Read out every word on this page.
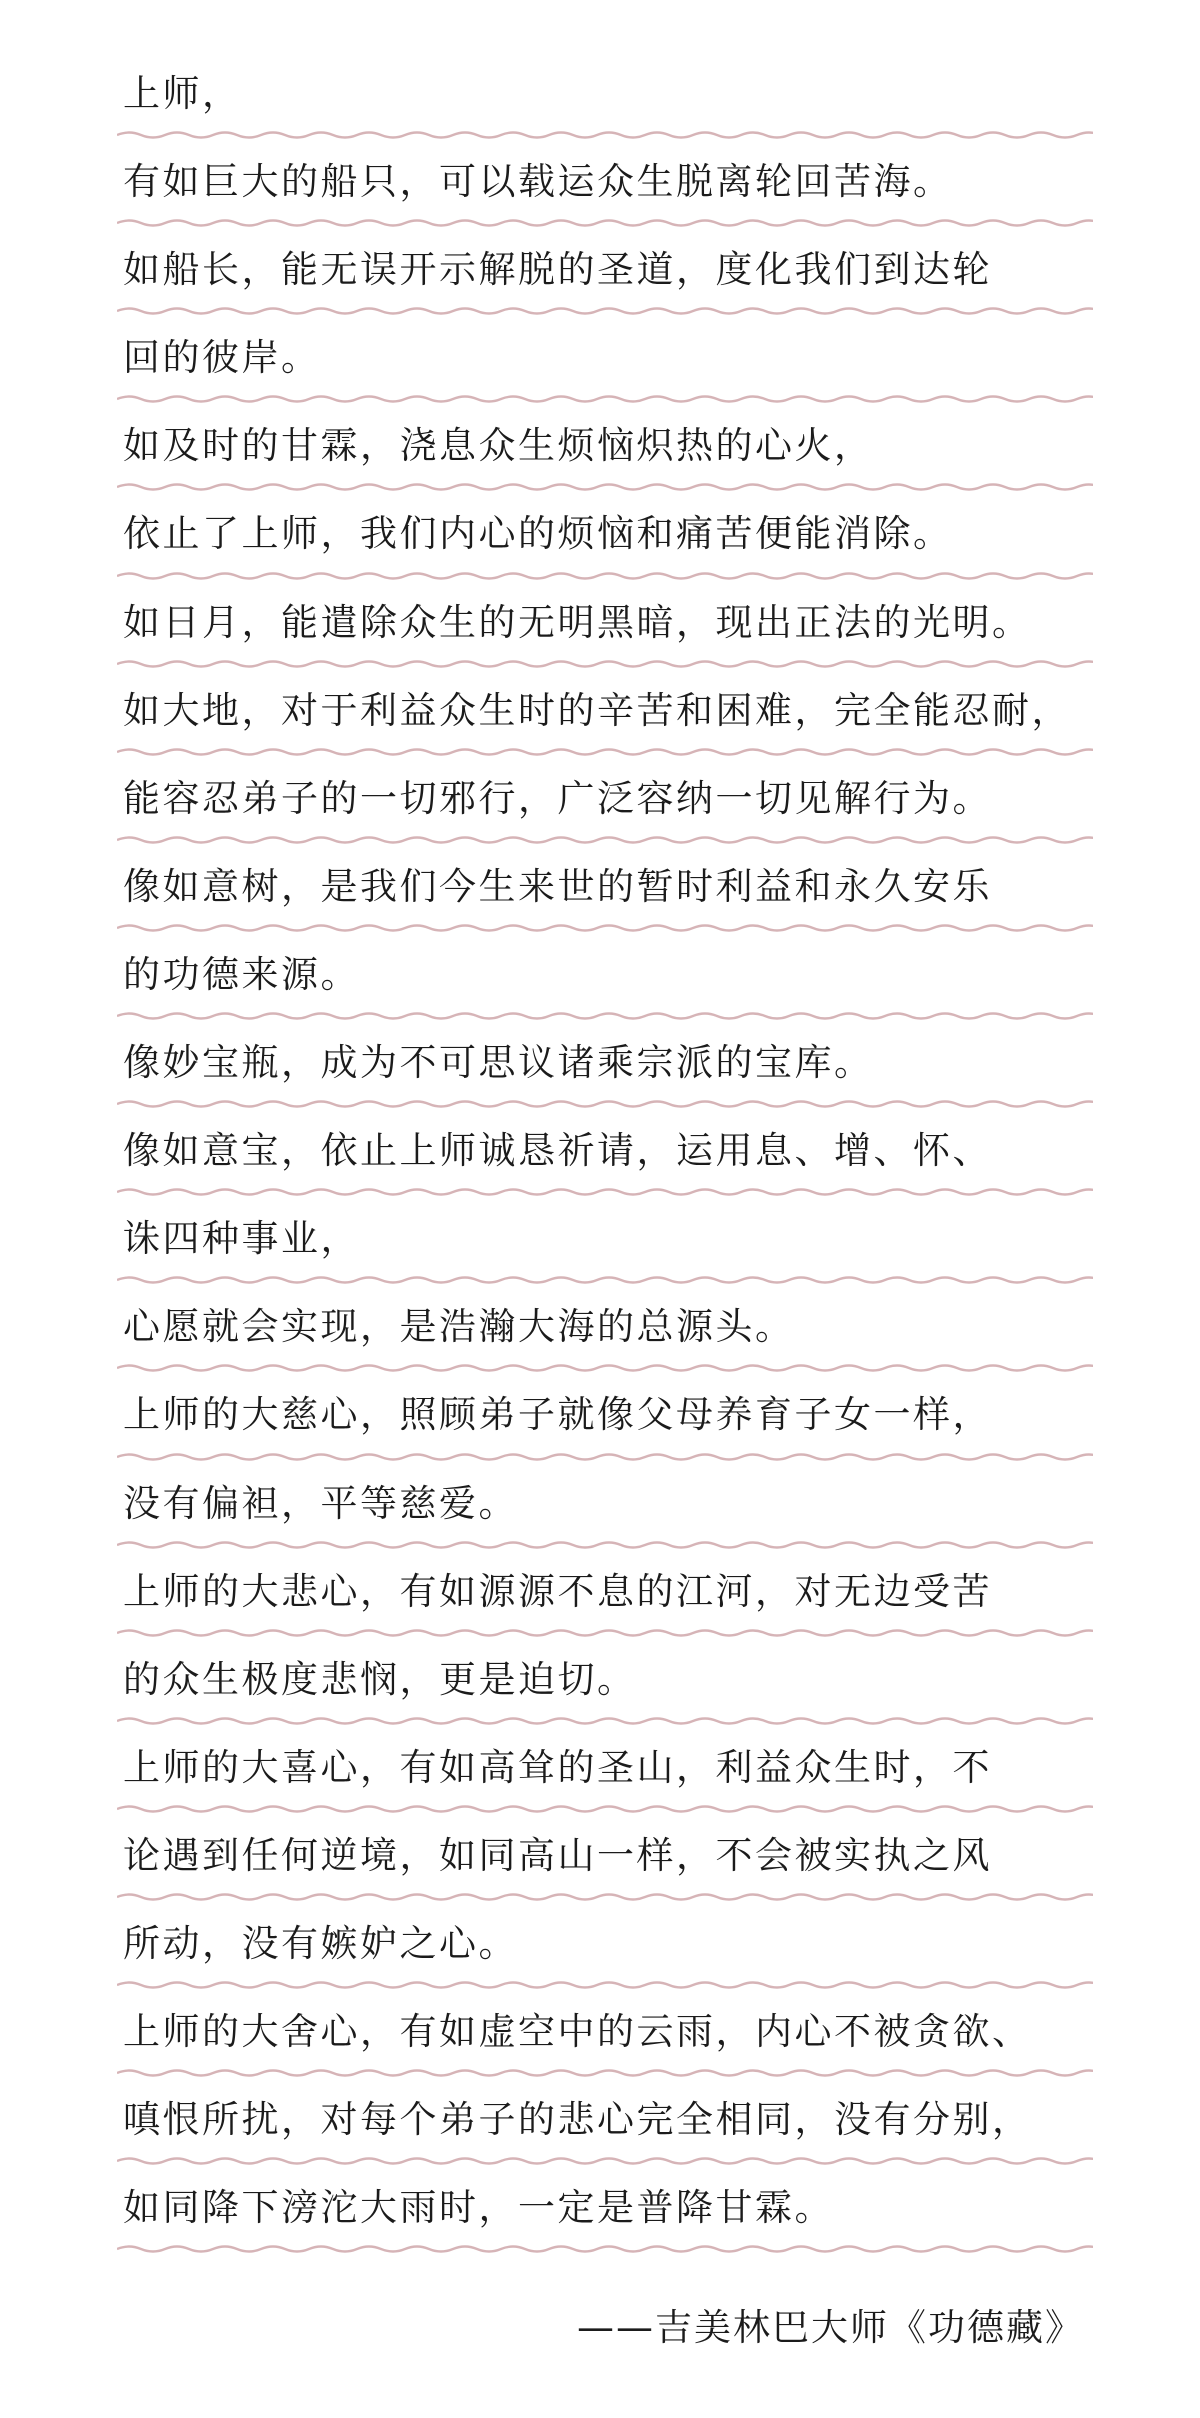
上师，
有如巨大的船只，可以载运众生脱离轮回苦海。
如船长，能无误开示解脱的圣道，度化我们到达轮
回的彼岸。
如及时的甘霖，浇息众生烦恼炽热的心火，
依止了上师，我们内心的烦恼和痛苦便能消除。
如日月，能遣除众生的无明黑暗，现出正法的光明。
如大地，对于利益众生时的辛苦和困难，完全能忍耐，
能容忍弟子的一切邪行，广泛容纳一切见解行为。
像如意树，是我们今生来世的暂时利益和永久安乐
的功德来源。
像妙宝瓶，成为不可思议诸乘宗派的宝库。
像如意宝，依止上师诚恳祈请，运用息、增、怀、
诛四种事业，
心愿就会实现，是浩瀚大海的总源头。
上师的大慈心，照顾弟子就像父母养育子女一样，
没有偏袒，平等慈爱。
上师的大悲心，有如源源不息的江河，对无边受苦
的众生极度悲悯，更是迫切。
上师的大喜心，有如高耸的圣山，利益众生时，不
论遇到任何逆境，如同高山一样，不会被实执之风
所动，没有嫉妒之心。
上师的大舍心，有如虚空中的云雨，内心不被贪欲、
嗔恨所扰，对每个弟子的悲心完全相同，没有分别，
如同降下滂沱大雨时，一定是普降甘霖。
——吉美林巴大师《功德藏》
